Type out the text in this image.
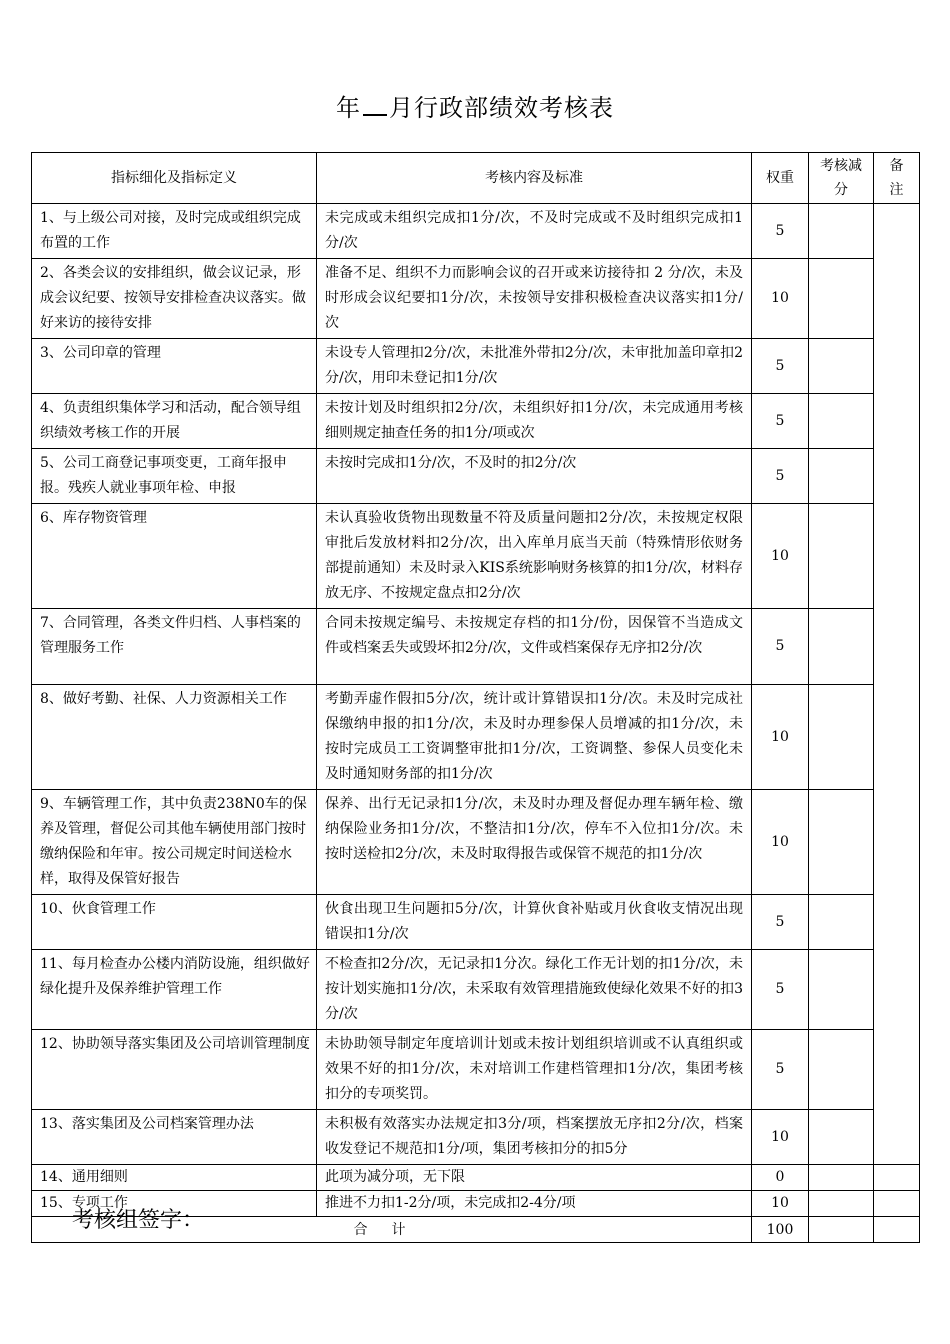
年 月行政部绩效考核表
指标细化及指标定义	考核内容及标准	权重	考核减分	备注
1、与上级公司对接，及时完成或组织完成布置的工作	未完成或未组织完成扣1分/次，不及时完成或不及时组织完成扣1分/次	5		
2、各类会议的安排组织，做会议记录，形成会议纪要、按领导安排检查决议落实。做好来访的接待安排	准备不足、组织不力而影响会议的召开或来访接待扣 2 分/次，未及时形成会议纪要扣1分/次，未按领导安排积极检查决议落实扣1分/次	10		
3、公司印章的管理	未设专人管理扣2分/次，未批准外带扣2分/次，未审批加盖印章扣2分/次，用印未登记扣1分/次	5		
4、负责组织集体学习和活动，配合领导组织绩效考核工作的开展	未按计划及时组织扣2分/次，未组织好扣1分/次，未完成通用考核细则规定抽查任务的扣1分/项或次	5		
5、公司工商登记事项变更，工商年报申报。残疾人就业事项年检、申报	未按时完成扣1分/次，不及时的扣2分/次	5		
6、库存物资管理	未认真验收货物出现数量不符及质量问题扣2分/次，未按规定权限审批后发放材料扣2分/次，出入库单月底当天前（特殊情形依财务部提前通知）未及时录入KIS系统影响财务核算的扣1分/次，材料存放无序、不按规定盘点扣2分/次	10		
7、合同管理，各类文件归档、人事档案的管理服务工作	合同未按规定编号、未按规定存档的扣1分/份，因保管不当造成文件或档案丢失或毁坏扣2分/次，文件或档案保存无序扣2分/次	5		
8、做好考勤、社保、人力资源相关工作	考勤弄虚作假扣5分/次，统计或计算错误扣1分/次。未及时完成社保缴纳申报的扣1分/次，未及时办理参保人员增减的扣1分/次，未按时完成员工工资调整审批扣1分/次，工资调整、参保人员变化未及时通知财务部的扣1分/次	10		
9、车辆管理工作，其中负责238N0车的保养及管理，督促公司其他车辆使用部门按时缴纳保险和年审。按公司规定时间送检水样，取得及保管好报告	保养、出行无记录扣1分/次，未及时办理及督促办理车辆年检、缴纳保险业务扣1分/次，不整洁扣1分/次，停车不入位扣1分/次。未按时送检扣2分/次，未及时取得报告或保管不规范的扣1分/次	10		
10、伙食管理工作	伙食出现卫生问题扣5分/次，计算伙食补贴或月伙食收支情况出现错误扣1分/次	5		
11、每月检查办公楼内消防设施，组织做好绿化提升及保养维护管理工作	不检查扣2分/次，无记录扣1分次。绿化工作无计划的扣1分/次，未按计划实施扣1分/次，未采取有效管理措施致使绿化效果不好的扣3分/次	5		
12、协助领导落实集团及公司培训管理制度	未协助领导制定年度培训计划或未按计划组织培训或不认真组织或效果不好的扣1分/次，未对培训工作建档管理扣1分/次，集团考核扣分的专项奖罚。	5		
13、落实集团及公司档案管理办法	未积极有效落实办法规定扣3分/项，档案摆放无序扣2分/次，档案收发登记不规范扣1分/项，集团考核扣分的扣5分	10		
14、通用细则	此项为减分项，无下限	0		
15、专项工作	推进不力扣1-2分/项，未完成扣2-4分/项	10		
合计		100		
考核组签字：
